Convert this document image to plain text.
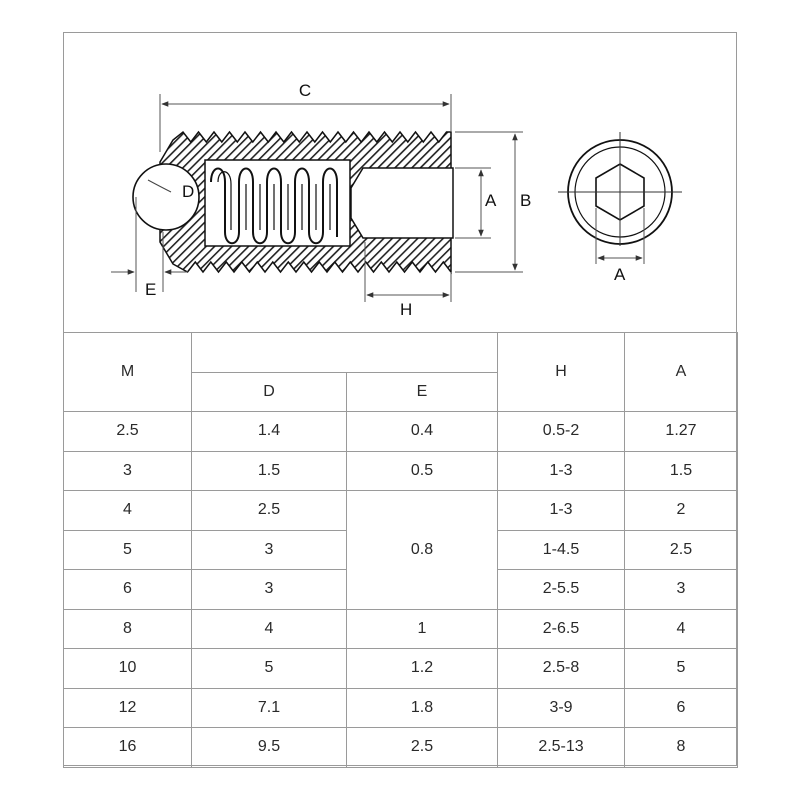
C
D
E
A B
H
A
M			H	A
	D	E		
2.5	1.4	0.4	0.5-2	1.27
3	1.5	0.5	1-3	1.5
4	2.5	0.8	1-3	2
5	3		1-4.5	2.5
6	3		2-5.5	3
8	4	1	2-6.5	4
10	5	1.2	2.5-8	5
12	7.1	1.8	3-9	6
16	9.5	2.5	2.5-13	8
